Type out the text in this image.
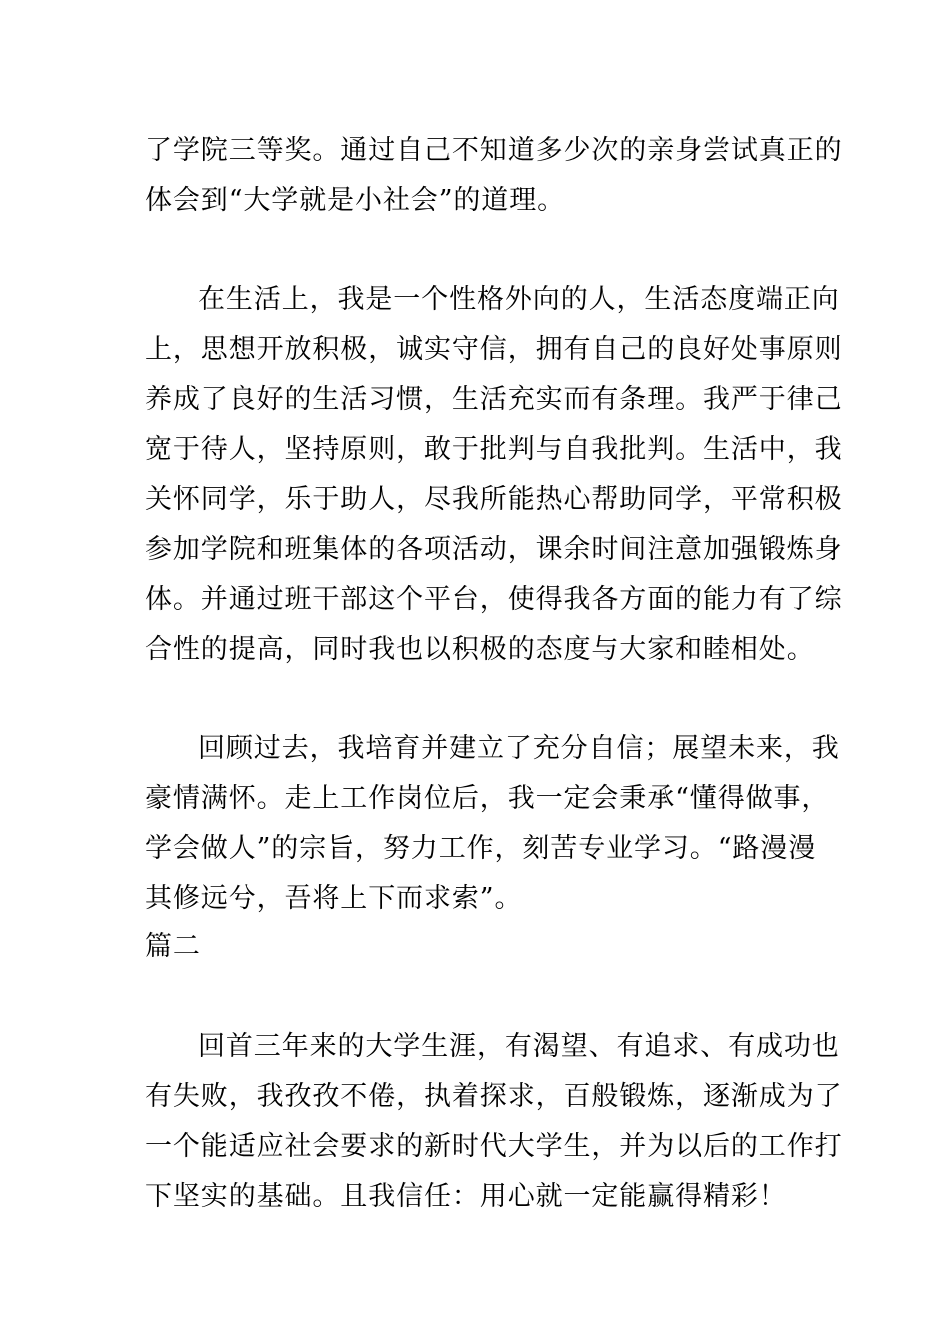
了学院三等奖。通过自己不知道多少次的亲身尝试真正的
体会到“大学就是小社会”的道理。
在生活上，我是一个性格外向的人，生活态度端正向
上，思想开放积极，诚实守信，拥有自己的良好处事原则
养成了良好的生活习惯，生活充实而有条理。我严于律己
宽于待人，坚持原则，敢于批判与自我批判。生活中，我
关怀同学，乐于助人，尽我所能热心帮助同学，平常积极
参加学院和班集体的各项活动，课余时间注意加强锻炼身
体。并通过班干部这个平台，使得我各方面的能力有了综
合性的提高，同时我也以积极的态度与大家和睦相处。
回顾过去，我培育并建立了充分自信；展望未来，我
豪情满怀。走上工作岗位后，我一定会秉承“懂得做事，
学会做人”的宗旨，努力工作，刻苦专业学习。“路漫漫
其修远兮，吾将上下而求索”。
篇二
回首三年来的大学生涯，有渴望、有追求、有成功也
有失败，我孜孜不倦，执着探求，百般锻炼，逐渐成为了
一个能适应社会要求的新时代大学生，并为以后的工作打
下坚实的基础。且我信任：用心就一定能赢得精彩！
